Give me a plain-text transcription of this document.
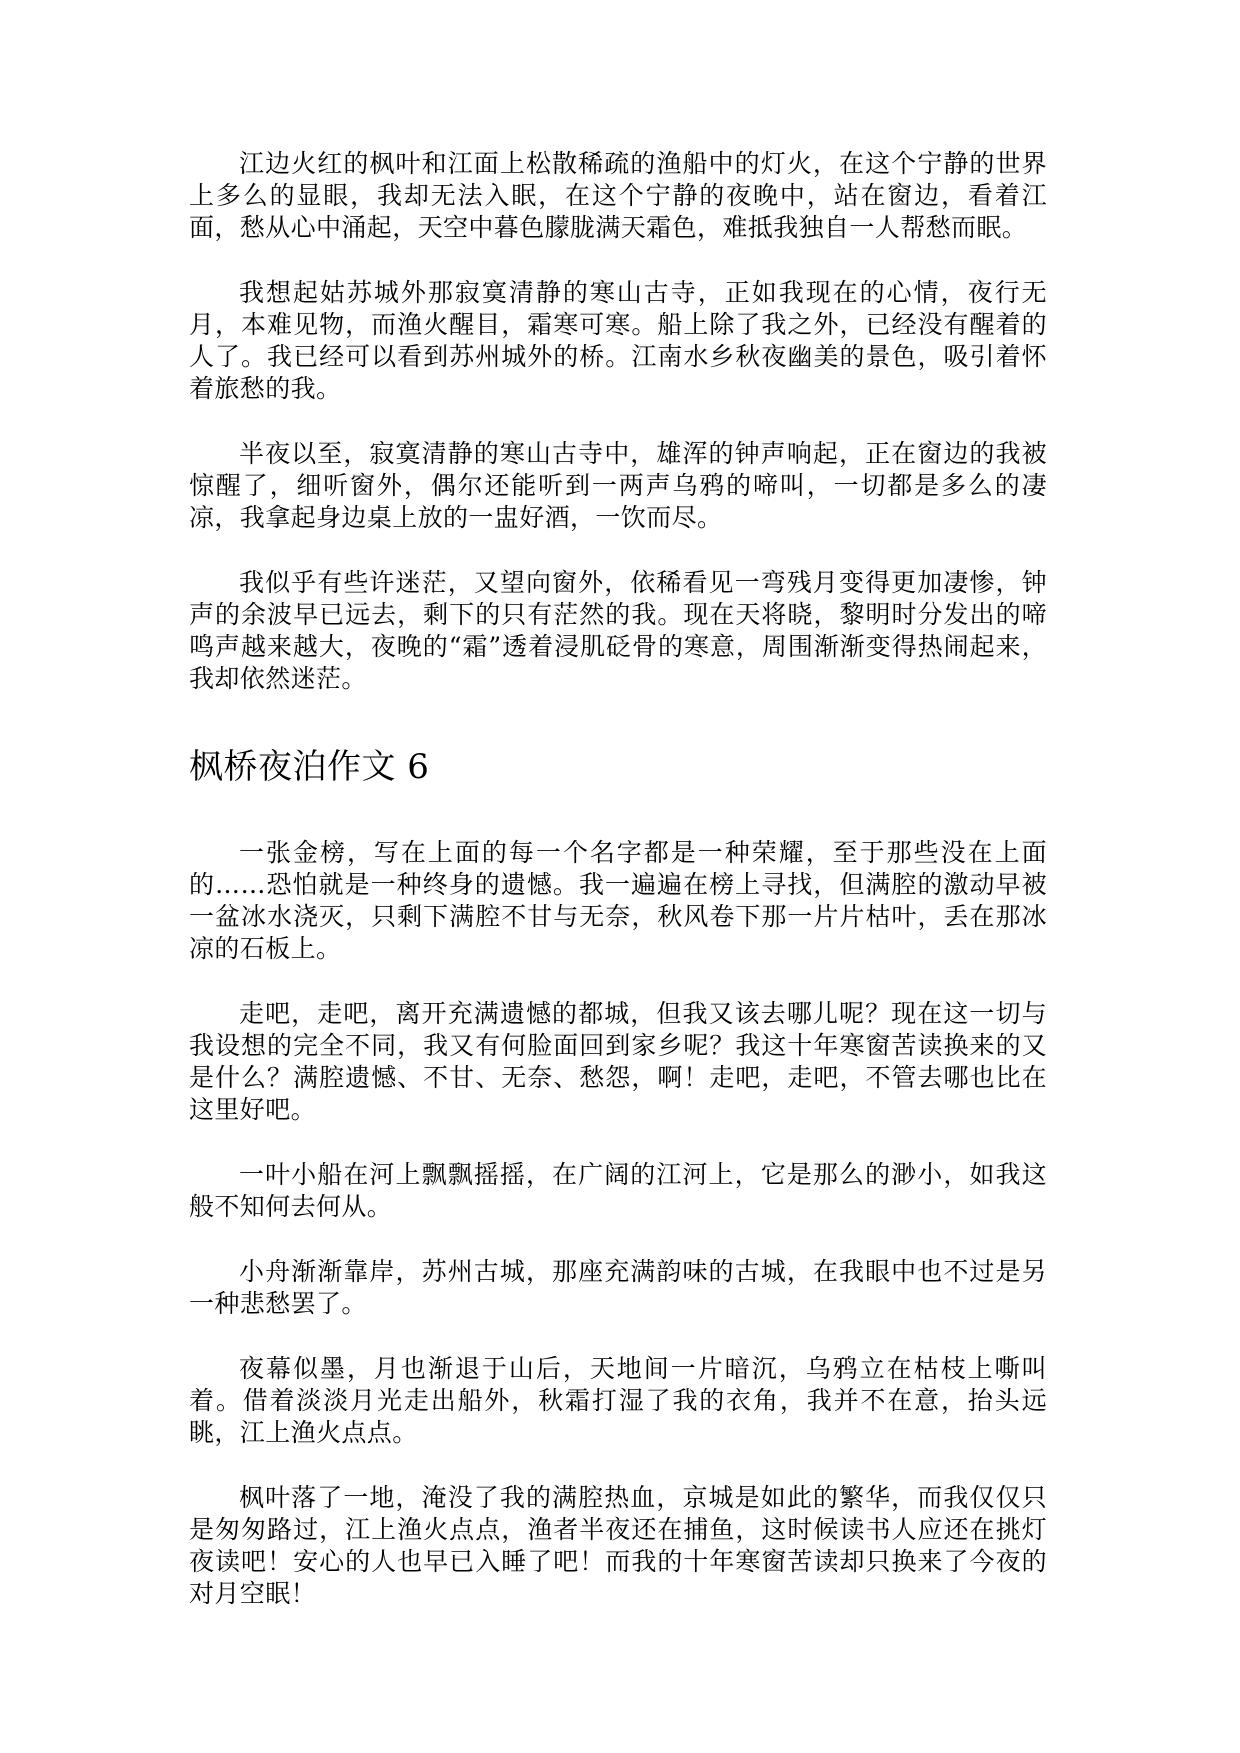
江边火红的枫叶和江面上松散稀疏的渔船中的灯火，在这个宁静的世界上多么的显眼，我却无法入眠，在这个宁静的夜晚中，站在窗边，看着江面，愁从心中涌起，天空中暮色朦胧满天霜色，难抵我独自一人帮愁而眠。

我想起姑苏城外那寂寞清静的寒山古寺，正如我现在的心情，夜行无月，本难见物，而渔火醒目，霜寒可寒。船上除了我之外，已经没有醒着的人了。我已经可以看到苏州城外的桥。江南水乡秋夜幽美的景色，吸引着怀着旅愁的我。

半夜以至，寂寞清静的寒山古寺中，雄浑的钟声响起，正在窗边的我被惊醒了，细听窗外，偶尔还能听到一两声乌鸦的啼叫，一切都是多么的凄凉，我拿起身边桌上放的一盅好酒，一饮而尽。

我似乎有些许迷茫，又望向窗外，依稀看见一弯残月变得更加凄惨，钟声的余波早已远去，剩下的只有茫然的我。现在天将晓，黎明时分发出的啼鸣声越来越大，夜晚的“霜”透着浸肌砭骨的寒意，周围渐渐变得热闹起来，我却依然迷茫。

枫桥夜泊作文 6

一张金榜，写在上面的每一个名字都是一种荣耀，至于那些没在上面的……恐怕就是一种终身的遗憾。我一遍遍在榜上寻找，但满腔的激动早被一盆冰水浇灭，只剩下满腔不甘与无奈，秋风卷下那一片片枯叶，丢在那冰凉的石板上。

走吧，走吧，离开充满遗憾的都城，但我又该去哪儿呢？现在这一切与我设想的完全不同，我又有何脸面回到家乡呢？我这十年寒窗苦读换来的又是什么？满腔遗憾、不甘、无奈、愁怨，啊！走吧，走吧，不管去哪也比在这里好吧。

一叶小船在河上飘飘摇摇，在广阔的江河上，它是那么的渺小，如我这般不知何去何从。

小舟渐渐靠岸，苏州古城，那座充满韵味的古城，在我眼中也不过是另一种悲愁罢了。

夜幕似墨，月也渐退于山后，天地间一片暗沉，乌鸦立在枯枝上嘶叫着。借着淡淡月光走出船外，秋霜打湿了我的衣角，我并不在意，抬头远眺，江上渔火点点。

枫叶落了一地，淹没了我的满腔热血，京城是如此的繁华，而我仅仅只是匆匆路过，江上渔火点点，渔者半夜还在捕鱼，这时候读书人应还在挑灯夜读吧！安心的人也早已入睡了吧！而我的十年寒窗苦读却只换来了今夜的对月空眠！
